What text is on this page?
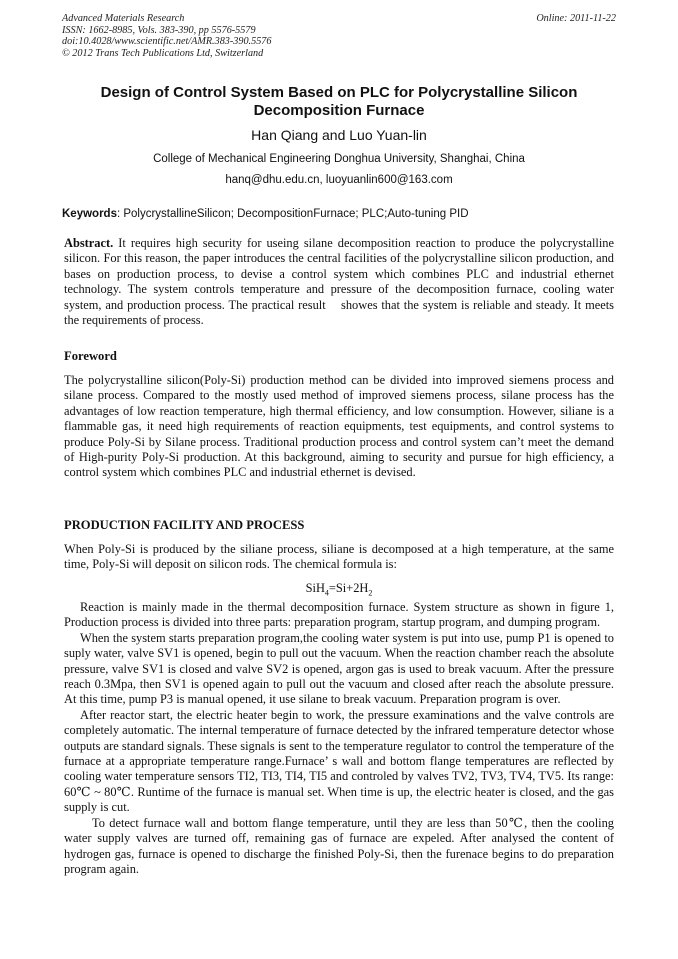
Advanced Materials Research
ISSN: 1662-8985, Vols. 383-390, pp 5576-5579
doi:10.4028/www.scientific.net/AMR.383-390.5576
© 2012 Trans Tech Publications Ltd, Switzerland
Online: 2011-11-22
Design of Control System Based on PLC for Polycrystalline Silicon Decomposition Furnace
Han Qiang and Luo Yuan-lin
College of Mechanical Engineering Donghua University, Shanghai, China
hanq@dhu.edu.cn, luoyuanlin600@163.com
Keywords: PolycrystallineSilicon; DecompositionFurnace; PLC;Auto-tuning PID
Abstract. It requires high security for useing silane decomposition reaction to produce the polycrystalline silicon. For this reason, the paper introduces the central facilities of the polycrystalline silicon production, and bases on production process, to devise a control system which combines PLC and industrial ethernet technology. The system controls temperature and pressure of the decomposition furnace, cooling water system, and production process. The practical result    showes that the system is reliable and steady. It meets the requirements of process.
Foreword
The polycrystalline silicon(Poly-Si) production method can be divided into improved siemens process and silane process. Compared to the mostly used method of improved siemens process, silane process has the advantages of low reaction temperature, high thermal efficiency, and low consumption. However, siliane is a flammable gas, it need high requirements of reaction equipments, test equipments, and control systems to produce Poly-Si by Silane process. Traditional production process and control system can’t meet the demand of High-purity Poly-Si production. At this background, aiming to security and pursue for high efficiency, a control system which combines PLC and industrial ethernet is devised.
PRODUCTION FACILITY AND PROCESS
When Poly-Si is produced by the siliane process, siliane is decomposed at a high temperature, at the same time, Poly-Si will deposit on silicon rods. The chemical formula is:
$SiH_4=Si+2H_2$

Reaction is mainly made in the thermal decomposition furnace. System structure as shown in figure 1, Production process is divided into three parts: preparation program, startup program, and dumping program.

When the system starts preparation program,the cooling water system is put into use, pump P1 is opened to suply water, valve SV1 is opened, begin to pull out the vacuum. When the reaction chamber reach the absolute pressure, valve SV1 is closed and valve SV2 is opened, argon gas is used to break vacuum. After the pressure reach 0.3Mpa, then SV1 is opened again to pull out the vacuum and closed after reach the absolute pressure. At this time, pump P3 is manual opened, it use silane to break vacuum. Preparation program is over.

After reactor start, the electric heater begin to work, the pressure examinations and the valve controls are completely automatic. The internal temperature of furnace detected by the infrared temperature detector whose outputs are standard signals. These signals is sent to the temperature regulator to control the temperature of the furnace at a appropriate temperature range.Furnace’ s wall and bottom flange temperatures are reflected by cooling water temperature sensors TI2, TI3, TI4, TI5 and controled by valves TV2, TV3, TV4, TV5. Its range: 60℃ ~ 80℃. Runtime of the furnace is manual set. When time is up, the electric heater is closed, and the gas supply is cut.

To detect furnace wall and bottom flange temperature, until they are less than 50℃, then the cooling water supply valves are turned off, remaining gas of furnace are expeled. After analysed the content of hydrogen gas, furnace is opened to discharge the finished Poly-Si, then the furenace begins to do preparation program again.
